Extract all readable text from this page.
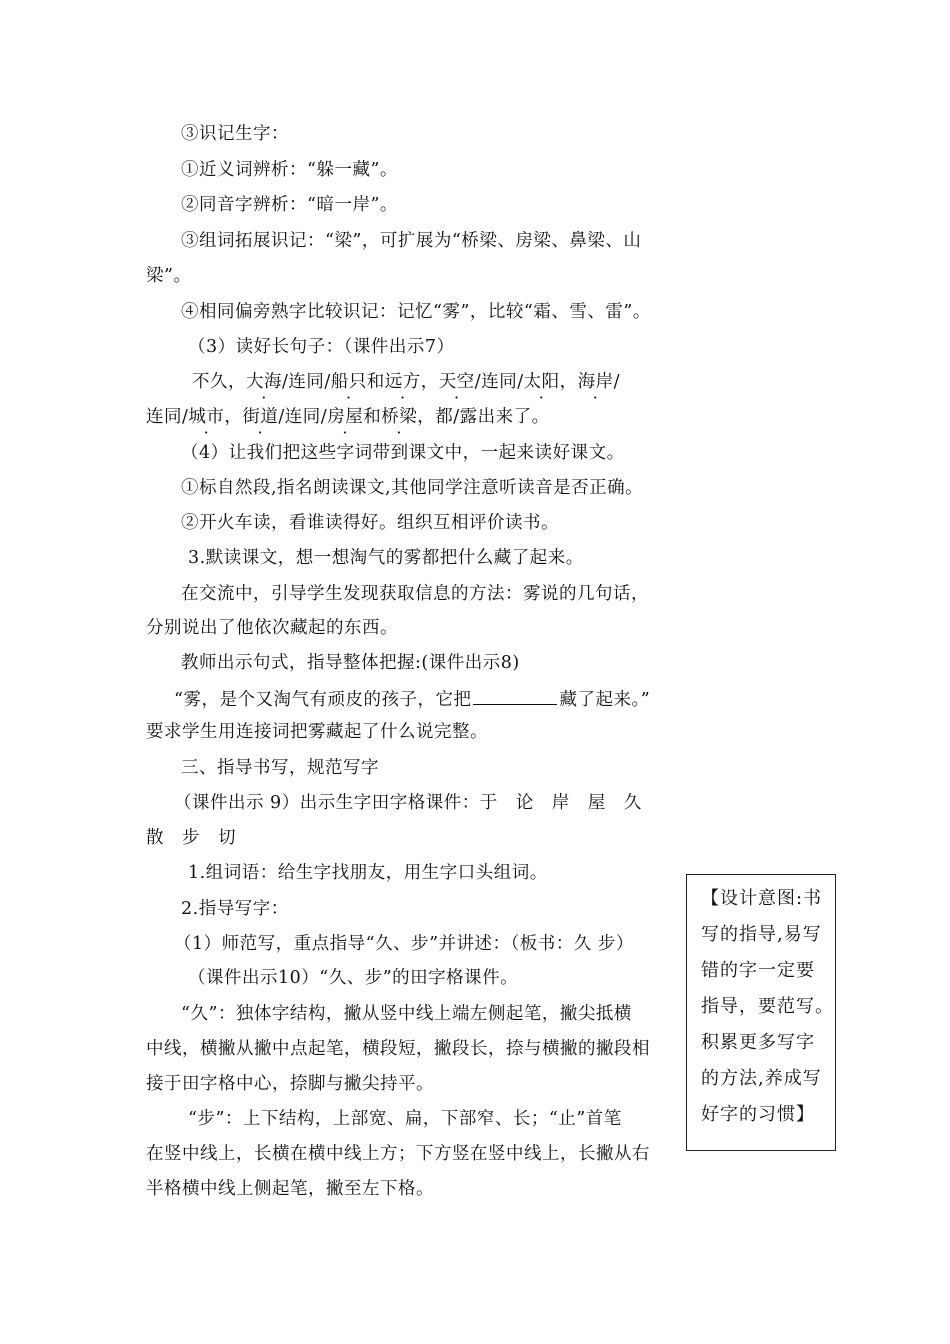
③识记生字：
①近义词辨析：“躲一藏”。
②同音字辨析：“暗一岸”。
③组词拓展识记：“梁”，可扩展为“桥梁、房梁、鼻梁、山
梁”。
④相同偏旁熟字比较识记：记忆“雾”，比较“霜、雪、雷”。
（3）读好长句子：（课件出示7）
不久，大海/连同/船只和远方，天空/连同/太阳，海岸/
连同/城市，街道/连同/房屋和桥梁，都/露出来了。
（4）让我们把这些字词带到课文中，一起来读好课文。
①标自然段,指名朗读课文,其他同学注意听读音是否正确。
②开火车读，看谁读得好。组织互相评价读书。
3.默读课文，想一想淘气的雾都把什么藏了起来。
在交流中，引导学生发现获取信息的方法：雾说的几句话，
分别说出了他依次藏起的东西。
教师出示句式，指导整体把握:(课件出示8)
“雾，是个又淘气有顽皮的孩子，它把	藏了起来。”
要求学生用连接词把雾藏起了什么说完整。
三、指导书写，规范写字
（课件出示 9）出示生字田字格课件：于　论　岸　屋　久
散　步　切
1.组词语：给生字找朋友，用生字口头组词。
2.指导写字：
（1）师范写，重点指导“久、步”并讲述：（板书：久 步）
（课件出示10）“久、步”的田字格课件。
“久”：独体字结构，撇从竖中线上端左侧起笔，撇尖抵横
中线，横撇从撇中点起笔，横段短，撇段长，捺与横撇的撇段相
接于田字格中心，捺脚与撇尖持平。
“步”：上下结构，上部宽、扁，下部窄、长；“止”首笔
在竖中线上，长横在横中线上方；下方竖在竖中线上，长撇从右
半格横中线上侧起笔，撇至左下格。
【设计意图:书
写的指导,易写
错的字一定要
指导，要范写。
积累更多写字
的方法,养成写
好字的习惯】
